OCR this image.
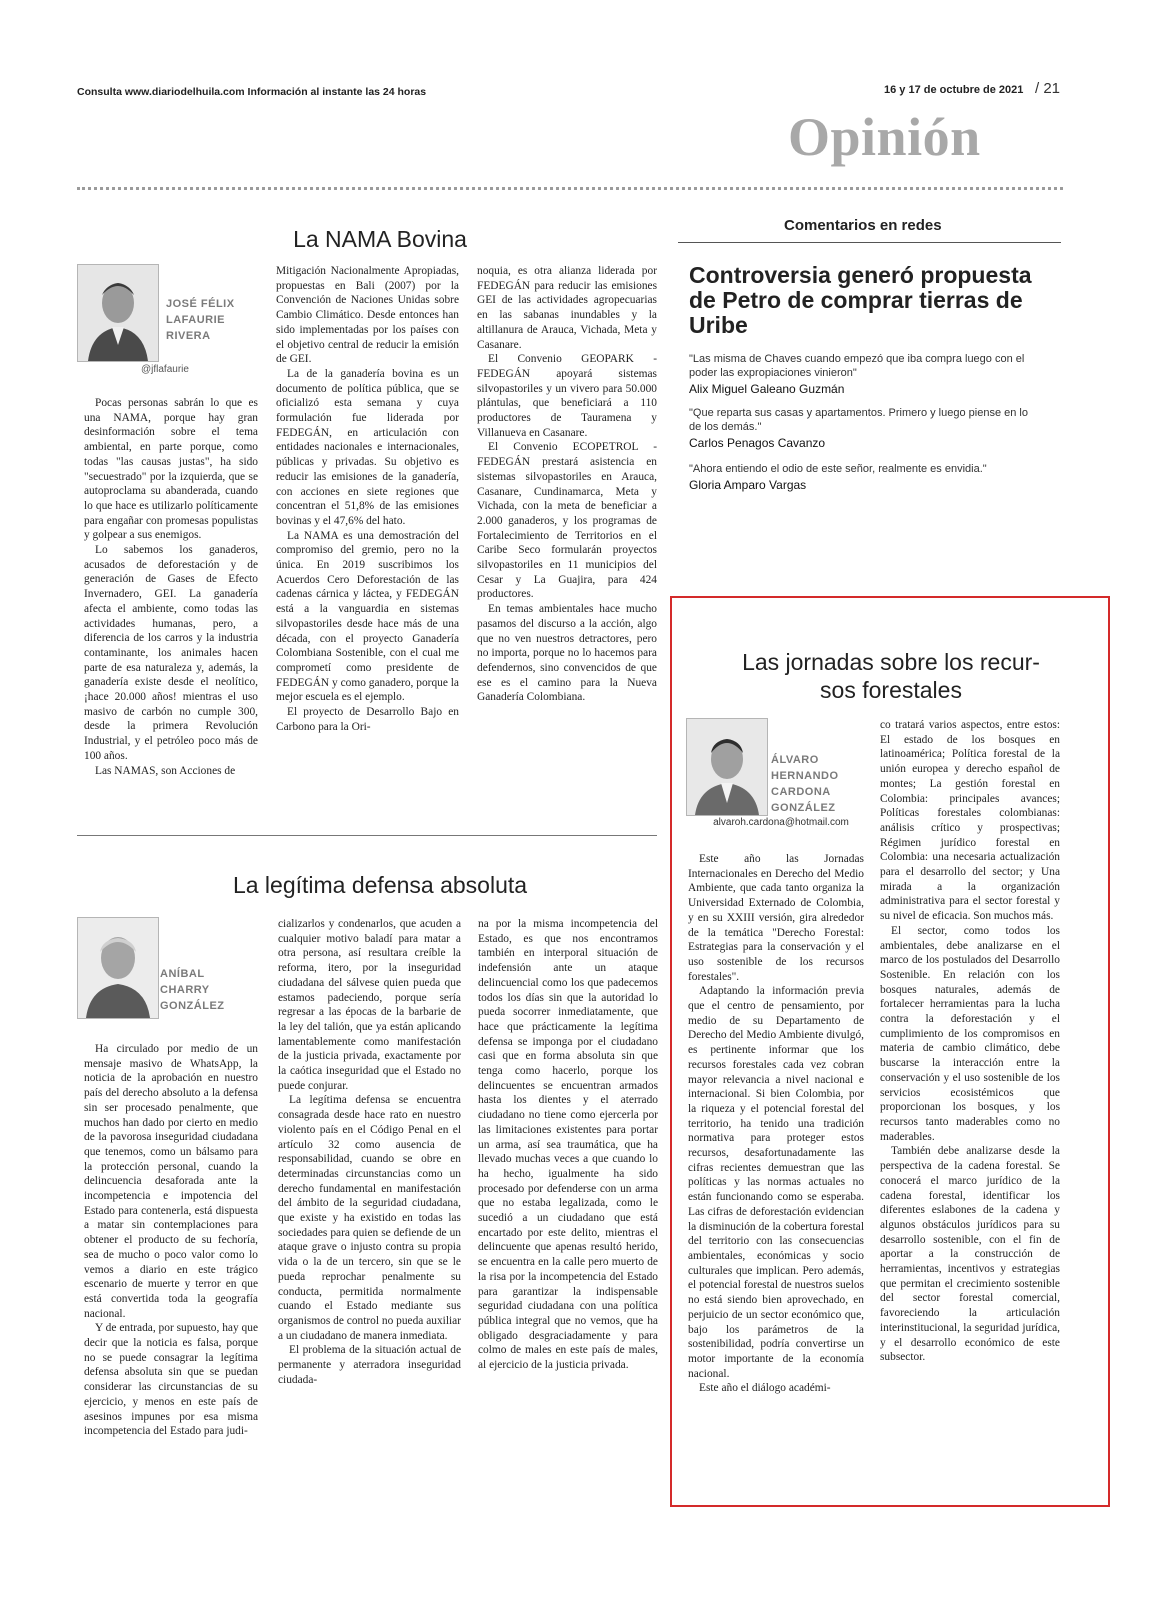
Consulta www.diariodelhuila.com Información al instante las 24 horas	16 y 17 de octubre de 2021 / 21
Opinión
La NAMA Bovina
JOSÉ FÉLIX LAFAURIE RIVERA
@jflafaurie

Pocas personas sabrán lo que es una NAMA, porque hay gran desinformación sobre el tema ambiental, en parte porque, como todas "las causas justas", ha sido "secuestrado" por la izquierda, que se autoproclama su abanderada, cuando lo que hace es utilizarlo políticamente para engañar con promesas populistas y golpear a sus enemigos.

Lo sabemos los ganaderos, acusados de deforestación y de generación de Gases de Efecto Invernadero, GEI. La ganadería afecta el ambiente, como todas las actividades humanas, pero, a diferencia de los carros y la industria contaminante, los animales hacen parte de esa naturaleza y, además, la ganadería existe desde el neolítico, ¡hace 20.000 años! mientras el uso masivo de carbón no cumple 300, desde la primera Revolución Industrial, y el petróleo poco más de 100 años.

Las NAMAS, son Acciones de

Mitigación Nacionalmente Apropiadas, propuestas en Bali (2007) por la Convención de Naciones Unidas sobre Cambio Climático. Desde entonces han sido implementadas por los países con el objetivo central de reducir la emisión de GEI.

La de la ganadería bovina es un documento de política pública, que se oficializó esta semana y cuya formulación fue liderada por FEDEGÁN, en articulación con entidades nacionales e internacionales, públicas y privadas. Su objetivo es reducir las emisiones de la ganadería, con acciones en siete regiones que concentran el 51,8% de las emisiones bovinas y el 47,6% del hato.

La NAMA es una demostración del compromiso del gremio, pero no la única. En 2019 suscribimos los Acuerdos Cero Deforestación de las cadenas cárnica y láctea, y FEDEGÁN está a la vanguardia en sistemas silvopastoriles desde hace más de una década, con el proyecto Ganadería Colombiana Sostenible, con el cual me comprometí como presidente de FEDEGÁN y como ganadero, porque la mejor escuela es el ejemplo.

El proyecto de Desarrollo Bajo en Carbono para la Ori-

noquia, es otra alianza liderada por FEDEGÁN para reducir las emisiones GEI de las actividades agropecuarias en las sabanas inundables y la altillanura de Arauca, Vichada, Meta y Casanare.

El Convenio GEOPARK - FEDEGÁN apoyará sistemas silvopastoriles y un vivero para 50.000 plántulas, que beneficiará a 110 productores de Tauramena y Villanueva en Casanare.

El Convenio ECOPETROL - FEDEGÁN prestará asistencia en sistemas silvopastoriles en Arauca, Casanare, Cundinamarca, Meta y Vichada, con la meta de beneficiar a 2.000 ganaderos, y los programas de Fortalecimiento de Territorios en el Caribe Seco formularán proyectos silvopastoriles en 11 municipios del Cesar y La Guajira, para 424 productores.

En temas ambientales hace mucho pasamos del discurso a la acción, algo que no ven nuestros detractores, pero no importa, porque no lo hacemos para defendernos, sino convencidos de que ese es el camino para la Nueva Ganadería Colombiana.

La legítima defensa absoluta
ANÍBAL CHARRY GONZÁLEZ

Ha circulado por medio de un mensaje masivo de WhatsApp, la noticia de la aprobación en nuestro país del derecho absoluto a la defensa sin ser procesado penalmente, que muchos han dado por cierto en medio de la pavorosa inseguridad ciudadana que tenemos, como un bálsamo para la protección personal, cuando la delincuencia desaforada ante la incompetencia e impotencia del Estado para contenerla, está dispuesta a matar sin contemplaciones para obtener el producto de su fechoría, sea de mucho o poco valor como lo vemos a diario en este trágico escenario de muerte y terror en que está convertida toda la geografía nacional.

Y de entrada, por supuesto, hay que decir que la noticia es falsa, porque no se puede consagrar la legítima defensa absoluta sin que se puedan considerar las circunstancias de su ejercicio, y menos en este país de asesinos impunes por esa misma incompetencia del Estado para judi-

cializarlos y condenarlos, que acuden a cualquier motivo baladí para matar a otra persona, así resultara creíble la reforma, itero, por la inseguridad ciudadana del sálvese quien pueda que estamos padeciendo, porque sería regresar a las épocas de la barbarie de la ley del talión, que ya están aplicando lamentablemente como manifestación de la justicia privada, exactamente por la caótica inseguridad que el Estado no puede conjurar.

La legítima defensa se encuentra consagrada desde hace rato en nuestro violento país en el Código Penal en el artículo 32 como ausencia de responsabilidad, cuando se obre en determinadas circunstancias como un derecho fundamental en manifestación del ámbito de la seguridad ciudadana, que existe y ha existido en todas las sociedades para quien se defiende de un ataque grave o injusto contra su propia vida o la de un tercero, sin que se le pueda reprochar penalmente su conducta, permitida normalmente cuando el Estado mediante sus organismos de control no pueda auxiliar a un ciudadano de manera inmediata.

El problema de la situación actual de permanente y aterradora inseguridad ciudada-

na por la misma incompetencia del Estado, es que nos encontramos también en interporal situación de indefensión ante un ataque delincuencial como los que padecemos todos los días sin que la autoridad lo pueda socorrer inmediatamente, que hace que prácticamente la legítima defensa se imponga por el ciudadano casi que en forma absoluta sin que tenga como hacerlo, porque los delincuentes se encuentran armados hasta los dientes y el aterrado ciudadano no tiene como ejercerla por las limitaciones existentes para portar un arma, así sea traumática, que ha llevado muchas veces a que cuando lo ha hecho, igualmente ha sido procesado por defenderse con un arma que no estaba legalizada, como le sucedió a un ciudadano que está encartado por este delito, mientras el delincuente que apenas resultó herido, se encuentra en la calle pero muerto de la risa por la incompetencia del Estado para garantizar la indispensable seguridad ciudadana con una política pública integral que no vemos, que ha obligado desgraciadamente y para colmo de males en este país de males, al ejercicio de la justicia privada.

Comentarios en redes
Controversia generó propuesta de Petro de comprar tierras de Uribe
"Las misma de Chaves cuando empezó que iba compra luego con el poder las expropiaciones vinieron"
Alix Miguel Galeano Guzmán
"Que reparta sus casas y apartamentos. Primero y luego piense en lo de los demás."
Carlos Penagos Cavanzo
"Ahora entiendo el odio de este señor, realmente es envidia."
Gloria Amparo Vargas
Las jornadas sobre los recur-
sos forestales
ÁLVARO HERNANDO CARDONA GONZÁLEZ
alvaroh.cardona@hotmail.com

Este año las Jornadas Internacionales en Derecho del Medio Ambiente, que cada tanto organiza la Universidad Externado de Colombia, y en su XXIII versión, gira alrededor de la temática "Derecho Forestal: Estrategias para la conservación y el uso sostenible de los recursos forestales".

Adaptando la información previa que el centro de pensamiento, por medio de su Departamento de Derecho del Medio Ambiente divulgó, es pertinente informar que los recursos forestales cada vez cobran mayor relevancia a nivel nacional e internacional. Si bien Colombia, por la riqueza y el potencial forestal del territorio, ha tenido una tradición normativa para proteger estos recursos, desafortunadamente las cifras recientes demuestran que las políticas y las normas actuales no están funcionando como se esperaba. Las cifras de deforestación evidencian la disminución de la cobertura forestal del territorio con las consecuencias ambientales, económicas y socio culturales que implican. Pero además, el potencial forestal de nuestros suelos no está siendo bien aprovechado, en perjuicio de un sector económico que, bajo los parámetros de la sostenibilidad, podría convertirse un motor importante de la economía nacional.

Este año el diálogo académi-

co tratará varios aspectos, entre estos: El estado de los bosques en latinoamérica; Política forestal de la unión europea y derecho español de montes; La gestión forestal en Colombia: principales avances; Políticas forestales colombianas: análisis crítico y prospectivas; Régimen jurídico forestal en Colombia: una necesaria actualización para el desarrollo del sector; y Una mirada a la organización administrativa para el sector forestal y su nivel de eficacia. Son muchos más.

El sector, como todos los ambientales, debe analizarse en el marco de los postulados del Desarrollo Sostenible. En relación con los bosques naturales, además de fortalecer herramientas para la lucha contra la deforestación y el cumplimiento de los compromisos en materia de cambio climático, debe buscarse la interacción entre la conservación y el uso sostenible de los servicios ecosistémicos que proporcionan los bosques, y los recursos tanto maderables como no maderables.

También debe analizarse desde la perspectiva de la cadena forestal. Se conocerá el marco jurídico de la cadena forestal, identificar los diferentes eslabones de la cadena y algunos obstáculos jurídicos para su desarrollo sostenible, con el fin de aportar a la construcción de herramientas, incentivos y estrategias que permitan el crecimiento sostenible del sector forestal comercial, favoreciendo la articulación interinstitucional, la seguridad jurídica, y el desarrollo económico de este subsector.
